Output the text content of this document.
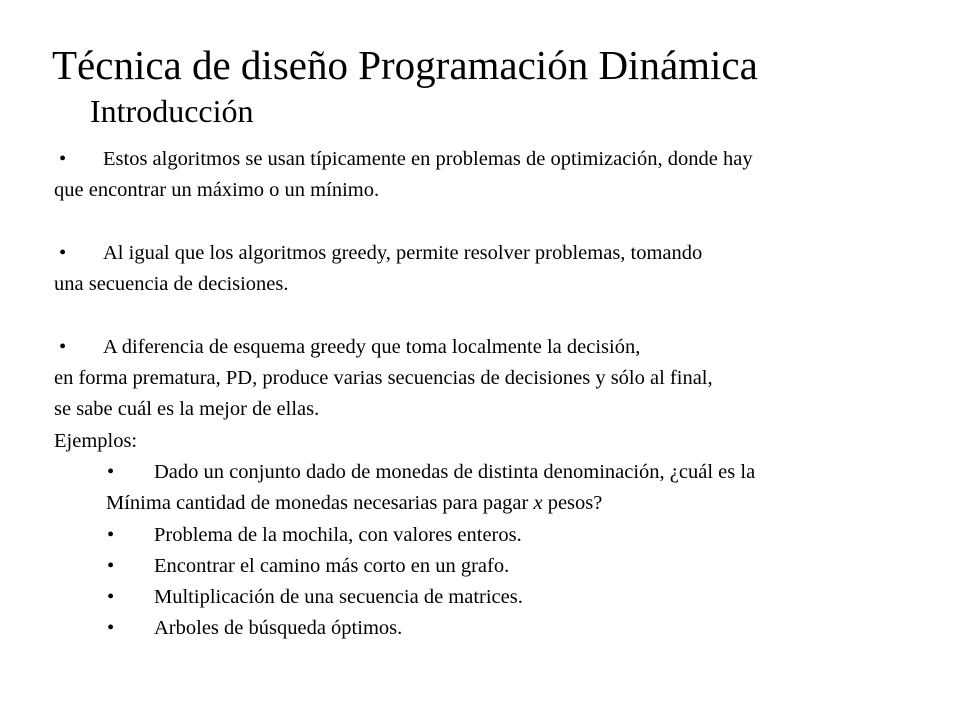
Técnica de diseño Programación Dinámica
Introducción
• Estos algoritmos se usan típicamente en problemas de optimización, donde hay
que encontrar un máximo o un mínimo.
• Al igual que los algoritmos greedy, permite resolver problemas, tomando
una secuencia de decisiones.
• A diferencia de esquema greedy que toma localmente la decisión,
en forma prematura, PD, produce varias secuencias de decisiones y sólo al final,
se sabe cuál es la mejor de ellas.
Ejemplos:
• Dado un conjunto dado de monedas de distinta denominación, ¿cuál es la
Mínima cantidad de monedas necesarias para pagar x pesos?
• Problema de la mochila, con valores enteros.
• Encontrar el camino más corto en un grafo.
• Multiplicación de una secuencia de matrices.
• Arboles de búsqueda óptimos.
